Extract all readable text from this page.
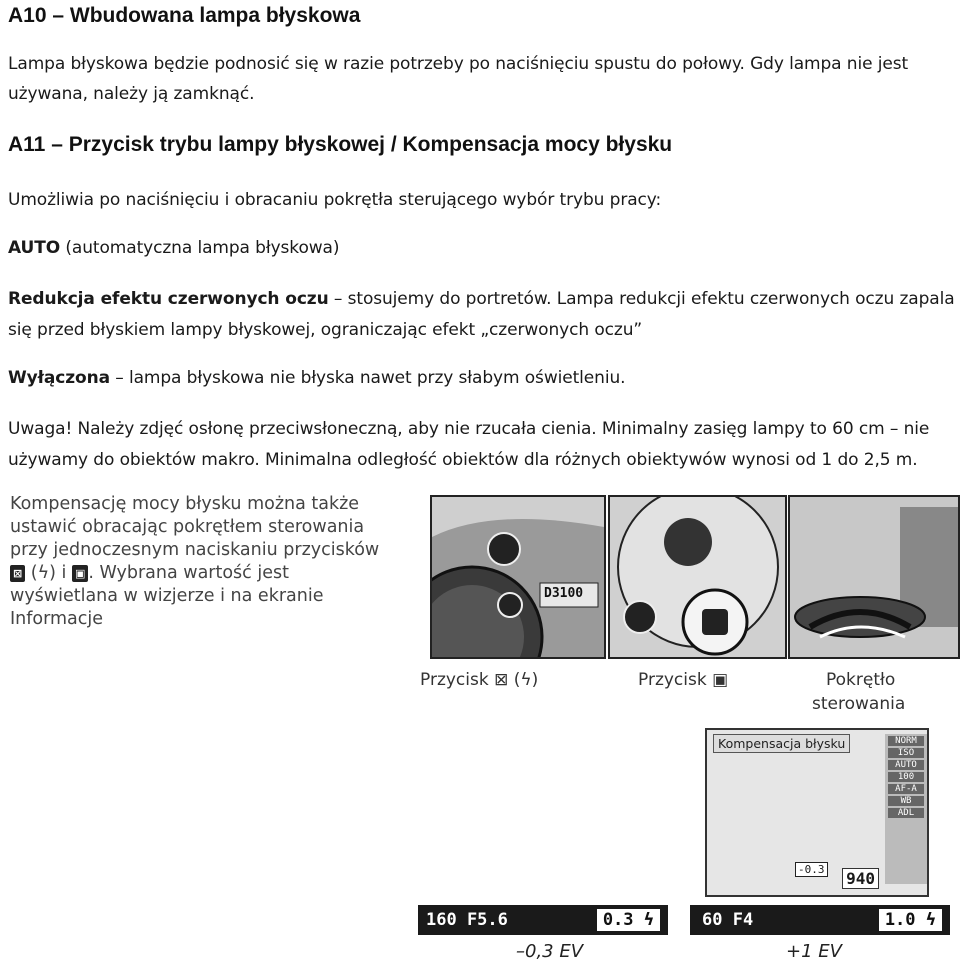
A10 – Wbudowana lampa błyskowa
Lampa błyskowa będzie podnosić się w razie potrzeby po naciśnięciu spustu do połowy. Gdy lampa nie jest
używana, należy ją zamknąć.
A11 – Przycisk trybu lampy błyskowej / Kompensacja mocy błysku
Umożliwia po naciśnięciu i obracaniu pokrętła sterującego wybór trybu pracy:
AUTO (automatyczna lampa błyskowa)
Redukcja efektu czerwonych oczu – stosujemy do portretów. Lampa redukcji efektu czerwonych oczu zapala
się przed błyskiem lampy błyskowej, ograniczając efekt „czerwonych oczu”
Wyłączona – lampa błyskowa nie błyska nawet przy słabym oświetleniu.
Uwaga! Należy zdjęć osłonę przeciwsłoneczną, aby nie rzucała cienia. Minimalny zasięg lampy to 60 cm – nie
używamy do obiektów makro. Minimalna odległość obiektów dla różnych obiektywów wynosi od 1 do 2,5 m.
Kompensację mocy błysku można także
ustawić obracając pokrętłem sterowania
przy jednoczesnym naciskaniu przycisków
⊠ (ϟ) i ▣ . Wybrana wartość jest
wyświetlana w wizjerze i na ekranie
Informacje
D3100
Przycisk ⊠ (ϟ)	Przycisk ▣	Pokrętło
sterowania
Kompensacja błysku	NORM
ISO
AUTO
100
AF-A
WB
ADL
-0.3 940
160 F5.6	0.3 ϟ	60 F4	1.0 ϟ
–0,3 EV	+1 EV
